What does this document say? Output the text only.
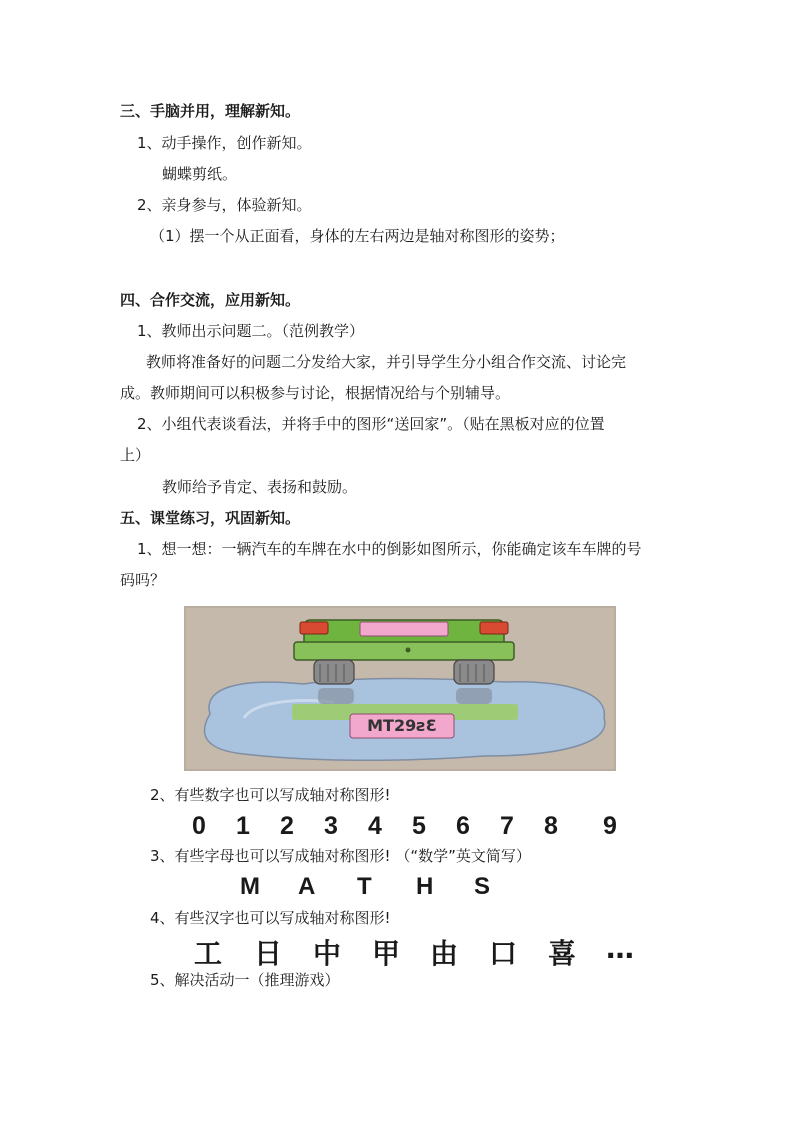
三、手脑并用，理解新知。
1、动手操作，创作新知。
蝴蝶剪纸。
2、亲身参与，体验新知。
（1）摆一个从正面看，身体的左右两边是轴对称图形的姿势；
四、合作交流，应用新知。
1、教师出示问题二。（范例教学）
教师将准备好的问题二分发给大家，并引导学生分小组合作交流、讨论完
成。教师期间可以积极参与讨论，根据情况给与个别辅导。
2、小组代表谈看法，并将手中的图形“送回家”。（贴在黑板对应的位置
上）
教师给予肯定、表扬和鼓励。
五、课堂练习，巩固新知。
1、想一想：一辆汽车的车牌在水中的倒影如图所示，你能确定该车车牌的号
码吗？
MT29ƨƐ
2、有些数字也可以写成轴对称图形!
0 1 2 3 4 5 6 7 8 9
3、有些字母也可以写成轴对称图形! （“数学”英文简写）
M A T H S
4、有些汉字也可以写成轴对称图形!
工 日 中 甲 由 口 喜 …
5、解决活动一（推理游戏）
